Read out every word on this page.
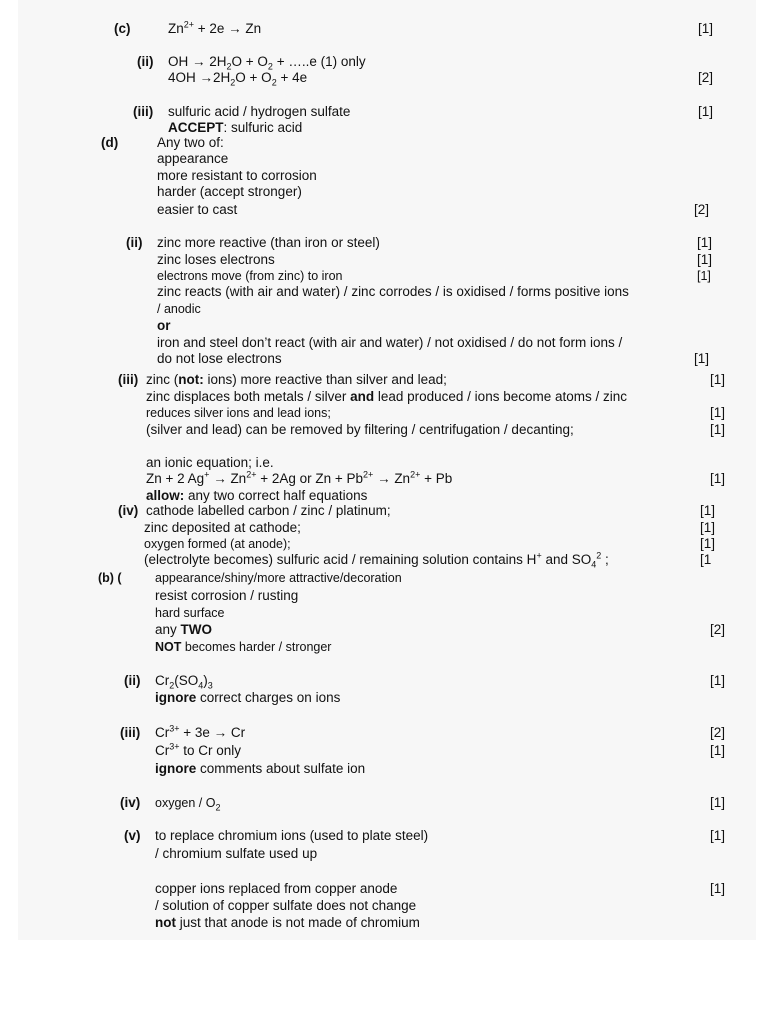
(c)	$Zn^{2+} + 2e \to Zn$	[1]
(ii) OH → $2H_2O + O_2$ + …..e (1) only
$4OH \to 2H_2O + O_2 + 4e$	[2]
(iii) sulfuric acid / hydrogen sulfate	[1]
ACCEPT: sulfuric acid
(d)	Any two of:
appearance
more resistant to corrosion
harder (accept stronger)
easier to cast	[2]
(ii) zinc more reactive (than iron or steel)	[1]
zinc loses electrons	[1]
electrons move (from zinc) to iron	[1]
zinc reacts (with air and water) / zinc corrodes / is oxidised / forms positive ions
/ anodic
or
iron and steel don’t react (with air and water) / not oxidised / do not form ions /
do not lose electrons	[1]
(iii) zinc (not: ions) more reactive than silver and lead;	[1]
zinc displaces both metals / silver and lead produced / ions become atoms / zinc
reduces silver ions and lead ions;	[1]
(silver and lead) can be removed by filtering / centrifugation / decanting;	[1]
an ionic equation; i.e.
Zn + 2 $Ag^+ \to Zn^{2+} + 2Ag$ or $Zn + Pb^{2+} \to Zn^{2+} + Pb$	[1]
allow: any two correct half equations
(iv) cathode labelled carbon / zinc / platinum;	[1]
zinc deposited at cathode;	[1]
oxygen formed (at anode);	[1]
(electrolyte becomes) sulfuric acid / remaining solution contains H+ and $SO_4^2$ ;	[1
(b) (	appearance/shiny/more attractive/decoration
resist corrosion / rusting
hard surface
any TWO	[2]
NOT becomes harder / stronger
(ii) $Cr_2(SO_4)_3$	[1]
ignore correct charges on ions
(iii) $Cr^{3+} + 3e \to Cr$	[2]
$Cr^{3+}$ to Cr only	[1]
ignore comments about sulfate ion
(iv) oxygen / $O_2$	[1]
(v) to replace chromium ions (used to plate steel)	[1]
/ chromium sulfate used up
copper ions replaced from copper anode	[1]
/ solution of copper sulfate does not change
not just that anode is not made of chromium
